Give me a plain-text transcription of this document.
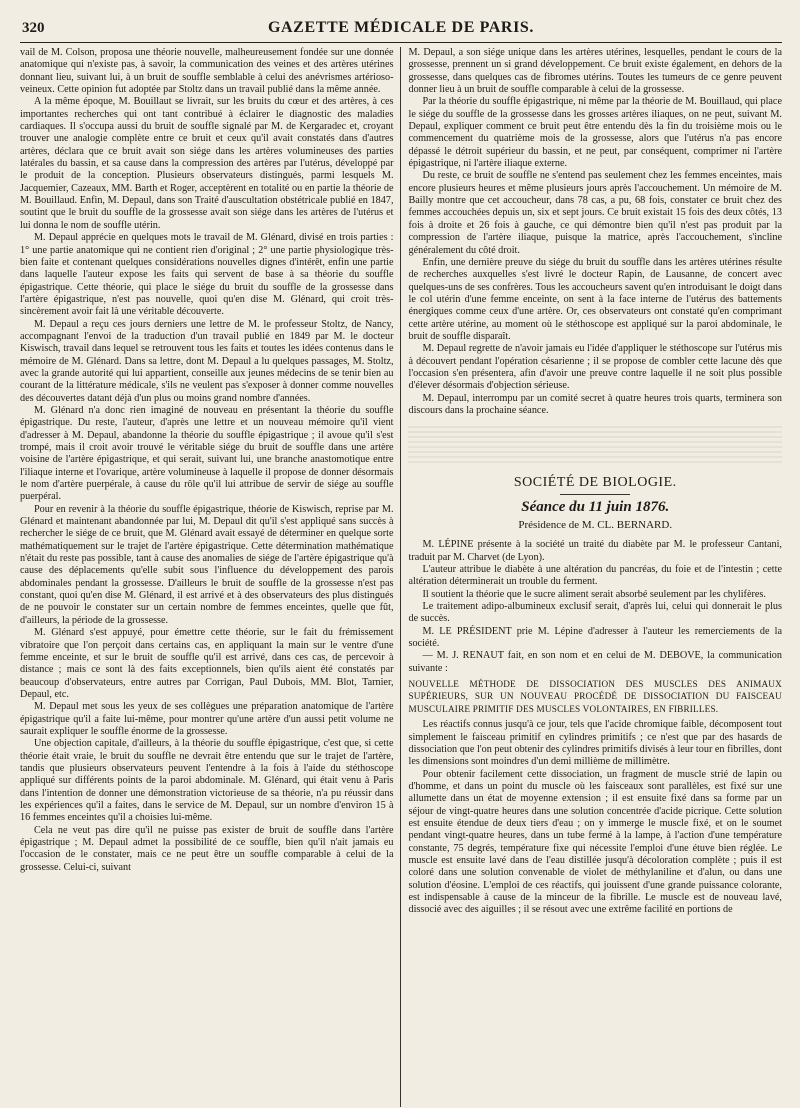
320	GAZETTE MÉDICALE DE PARIS.

vail de M. Colson, proposa une théorie nouvelle, malheureusement fondée sur une donnée anatomique qui n'existe pas, à savoir, la communication des veines et des artères utérines donnant lieu, suivant lui, à un bruit de souffle semblable à celui des anévrismes artérioso-veineux. Cette opinion fut adoptée par Stoltz dans un travail publié dans la même année.

A la même époque, M. Bouillaut se livrait, sur les bruits du cœur et des artères, à ces importantes recherches qui ont tant contribué à éclairer le diagnostic des maladies cardiaques. Il s'occupa aussi du bruit de souffle signalé par M. de Kergaradec et, croyant trouver une analogie complète entre ce bruit et ceux qu'il avait constatés dans d'autres artères, déclara que ce bruit avait son siége dans les artères volumineuses des parties latérales du bassin, et sa cause dans la compression des artères par l'utérus, développé par le produit de la conception. Plusieurs observateurs distingués, parmi lesquels M. Jacquemier, Cazeaux, MM. Barth et Roger, acceptèrent en totalité ou en partie la théorie de M. Bouillaud. Enfin, M. Depaul, dans son Traité d'auscultation obstétricale publié en 1847, soutint que le bruit du souffle de la grossesse avait son siége dans les artères de l'utérus et lui donna le nom de souffle utérin.

M. Depaul apprécie en quelques mots le travail de M. Glénard, divisé en trois parties : 1° une partie anatomique qui ne contient rien d'original ; 2° une partie physiologique très-bien faite et contenant quelques considérations nouvelles dignes d'intérêt, enfin une partie dans laquelle l'auteur expose les faits qui servent de base à sa théorie du souffle épigastrique. Cette théorie, qui place le siége du bruit du souffle de la grossesse dans l'artère épigastrique, n'est pas nouvelle, quoi qu'en dise M. Glénard, qui croit très-sincèrement avoir fait là une véritable découverte.

M. Depaul a reçu ces jours derniers une lettre de M. le professeur Stoltz, de Nancy, accompagnant l'envoi de la traduction d'un travail publié en 1849 par M. le docteur Kiswisch, travail dans lequel se retrouvent tous les faits et toutes les idées contenus dans le mémoire de M. Glénard. Dans sa lettre, dont M. Depaul a lu quelques passages, M. Stoltz, avec la grande autorité qui lui appartient, conseille aux jeunes médecins de se tenir bien au courant de la littérature médicale, s'ils ne veulent pas s'exposer à donner comme nouvelles des découvertes datant déjà d'un plus ou moins grand nombre d'années.

M. Glénard n'a donc rien imaginé de nouveau en présentant la théorie du souffle épigastrique. Du reste, l'auteur, d'après une lettre et un nouveau mémoire qu'il vient d'adresser à M. Depaul, abandonne la théorie du souffle épigastrique ; il avoue qu'il s'est trompé, mais il croit avoir trouvé le véritable siége du bruit de souffle dans une artère voisine de l'artère épigastrique, et qui serait, suivant lui, une branche anastomotique entre l'iliaque interne et l'ovarique, artère volumineuse à laquelle il propose de donner désormais le nom d'artère puerpérale, à cause du rôle qu'il lui attribue de servir de siége au souffle puerpéral.

Pour en revenir à la théorie du souffle épigastrique, théorie de Kiswisch, reprise par M. Glénard et maintenant abandonnée par lui, M. Depaul dit qu'il s'est appliqué sans succès à rechercher le siége de ce bruit, que M. Glénard avait essayé de déterminer en quelque sorte mathématiquement sur le trajet de l'artère épigastrique. Cette détermination mathématique n'était du reste pas possible, tant à cause des anomalies de siége de l'artère épigastrique qu'à cause des déplacements qu'elle subit sous l'influence du développement des parois abdominales pendant la grossesse. D'ailleurs le bruit de souffle de la grossesse n'est pas constant, quoi qu'en dise M. Glénard, il est arrivé et à des observateurs des plus distingués de ne pouvoir le constater sur un certain nombre de femmes enceintes, quelle que fût, d'ailleurs, la période de la grossesse.

M. Glénard s'est appuyé, pour émettre cette théorie, sur le fait du frémissement vibratoire que l'on perçoit dans certains cas, en appliquant la main sur le ventre d'une femme enceinte, et sur le bruit de souffle qu'il est arrivé, dans ces cas, de percevoir à distance ; mais ce sont là des faits exceptionnels, bien qu'ils aient été constatés par beaucoup d'observateurs, entre autres par Corrigan, Paul Dubois, MM. Blot, Tarnier, Depaul, etc.

M. Depaul met sous les yeux de ses collègues une préparation anatomique de l'artère épigastrique qu'il a faite lui-même, pour montrer qu'une artère d'un aussi petit volume ne saurait expliquer le souffle énorme de la grossesse.

Une objection capitale, d'ailleurs, à la théorie du souffle épigastrique, c'est que, si cette théorie était vraie, le bruit du souffle ne devrait être entendu que sur le trajet de l'artère, tandis que plusieurs observateurs peuvent l'entendre à la fois à l'aide du stéthoscope appliqué sur différents points de la paroi abdominale. M. Glénard, qui était venu à Paris dans l'intention de donner une démonstration victorieuse de sa théorie, n'a pu réussir dans les expériences qu'il a faites, dans le service de M. Depaul, sur un nombre d'environ 15 à 16 femmes enceintes qu'il a choisies lui-même.

Cela ne veut pas dire qu'il ne puisse pas exister de bruit de souffle dans l'artère épigastrique ; M. Depaul admet la possibilité de ce souffle, bien qu'il n'ait jamais eu l'occasion de le constater, mais ce ne peut être un souffle comparable à celui de la grossesse. Celui-ci, suivant

M. Depaul, a son siége unique dans les artères utérines, lesquelles, pendant le cours de la grossesse, prennent un si grand développement. Ce bruit existe également, en dehors de la grossesse, dans quelques cas de fibromes utérins. Toutes les tumeurs de ce genre peuvent donner lieu à un bruit de souffle comparable à celui de la grossesse.

Par la théorie du souffle épigastrique, ni même par la théorie de M. Bouillaud, qui place le siége du souffle de la grossesse dans les grosses artères iliaques, on ne peut, suivant M. Depaul, expliquer comment ce bruit peut être entendu dès la fin du troisième mois ou le commencement du quatrième mois de la grossesse, alors que l'utérus n'a pas encore dépassé le détroit supérieur du bassin, et ne peut, par conséquent, comprimer ni l'artère épigastrique, ni l'artère iliaque externe.

Du reste, ce bruit de souffle ne s'entend pas seulement chez les femmes enceintes, mais encore plusieurs heures et même plusieurs jours après l'accouchement. Un mémoire de M. Bailly montre que cet accoucheur, dans 78 cas, a pu, 68 fois, constater ce bruit chez des femmes accouchées depuis un, six et sept jours. Ce bruit existait 15 fois des deux côtés, 13 fois à droite et 26 fois à gauche, ce qui démontre bien qu'il n'est pas produit par la compression de l'artère iliaque, puisque la matrice, après l'accouchement, s'incline généralement du côté droit.

Enfin, une dernière preuve du siége du bruit du souffle dans les artères utérines résulte de recherches auxquelles s'est livré le docteur Rapin, de Lausanne, de concert avec quelques-uns de ses confrères. Tous les accoucheurs savent qu'en introduisant le doigt dans le col utérin d'une femme enceinte, on sent à la face interne de l'utérus des battements énergiques comme ceux d'une artère. Or, ces observateurs ont constaté qu'en comprimant cette artère utérine, au moment où le stéthoscope est appliqué sur la paroi abdominale, le bruit de souffle disparaît.

M. Depaul regrette de n'avoir jamais eu l'idée d'appliquer le stéthoscope sur l'utérus mis à découvert pendant l'opération césarienne ; il se propose de combler cette lacune dès que l'occasion s'en présentera, afin d'avoir une preuve contre laquelle il ne soit plus possible d'élever désormais d'objection sérieuse.

M. Depaul, interrompu par un comité secret à quatre heures trois quarts, terminera son discours dans la prochaine séance.

SOCIÉTÉ DE BIOLOGIE.
Séance du 11 juin 1876.
Présidence de M. CL. BERNARD.

M. LÉPINE présente à la société un traité du diabète par M. le professeur Cantani, traduit par M. Charvet (de Lyon).

L'auteur attribue le diabète à une altération du pancréas, du foie et de l'intestin ; cette altération déterminerait un trouble du ferment.

Il soutient la théorie que le sucre aliment serait absorbé seulement par les chylifères.

Le traitement adipo-albumineux exclusif serait, d'après lui, celui qui donnerait le plus de succès.

M. LE PRÉSIDENT prie M. Lépine d'adresser à l'auteur les remerciements de la société.

— M. J. RENAUT fait, en son nom et en celui de M. DEBOVE, la communication suivante :

NOUVELLE MÉTHODE DE DISSOCIATION DES MUSCLES DES ANIMAUX SUPÉRIEURS, SUR UN NOUVEAU PROCÉDÉ DE DISSOCIATION DU FAISCEAU MUSCULAIRE PRIMITIF DES MUSCLES VOLONTAIRES, EN FIBRILLES.

Les réactifs connus jusqu'à ce jour, tels que l'acide chromique faible, décomposent tout simplement le faisceau primitif en cylindres primitifs ; ce n'est que par des hasards de dissociation que l'on peut obtenir des cylindres primitifs divisés à leur tour en fibrilles, dont les dimensions sont moindres d'un demi millième de millimètre.

Pour obtenir facilement cette dissociation, un fragment de muscle strié de lapin ou d'homme, et dans un point du muscle où les faisceaux sont parallèles, est fixé sur une allumette dans un état de moyenne extension ; il est ensuite fixé dans sa forme par un séjour de vingt-quatre heures dans une solution concentrée d'acide picrique. Cette solution est ensuite étendue de deux tiers d'eau ; on y immerge le muscle fixé, et on le soumet pendant vingt-quatre heures, dans un tube fermé à la lampe, à l'action d'une température constante, 75 degrés, température fixe qui nécessite l'emploi d'une étuve bien réglée. Le muscle est ensuite lavé dans de l'eau distillée jusqu'à décoloration complète ; puis il est coloré dans une solution convenable de violet de méthylaniline et d'alun, ou dans une solution d'éosine. L'emploi de ces réactifs, qui jouissent d'une grande puissance colorante, est indispensable à cause de la minceur de la fibrille. Le muscle est de nouveau lavé, dissocié avec des aiguilles ; il se résout avec une extrême facilité en portions de
